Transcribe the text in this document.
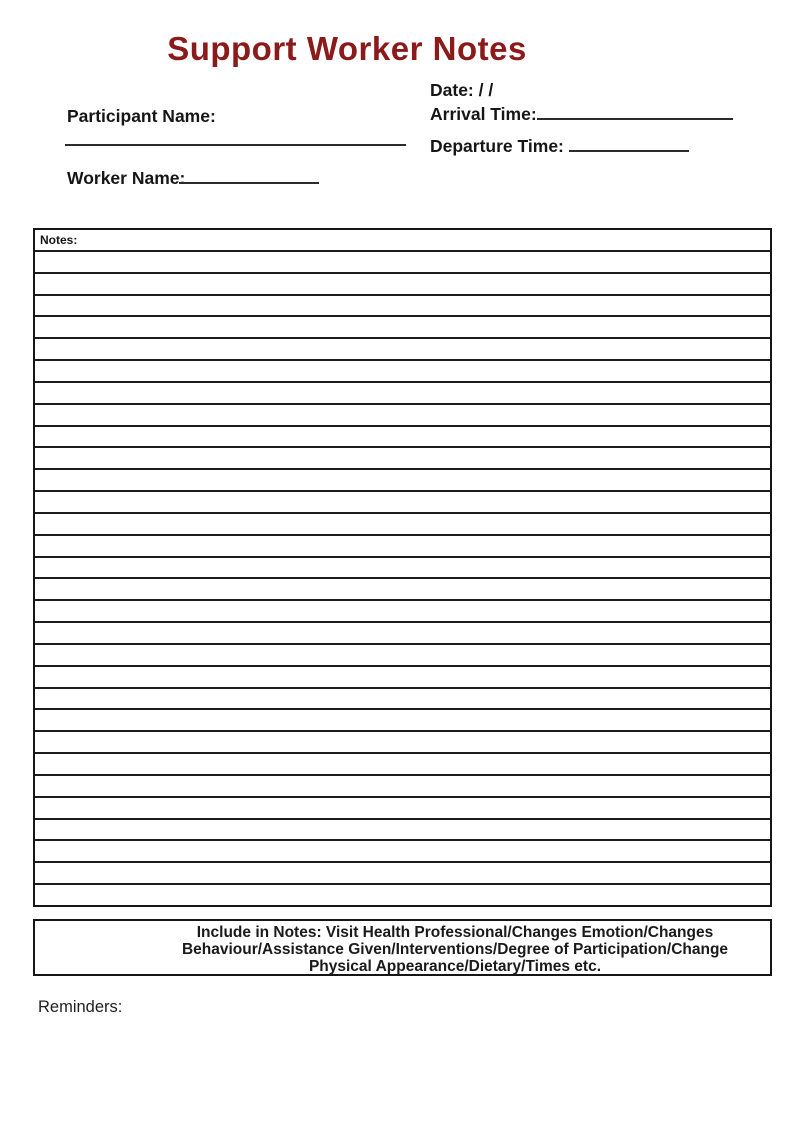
Support Worker Notes
Date: / /
Arrival Time:
Departure Time:
Participant Name:
Worker Name:
Notes:
Include in Notes: Visit Health Professional/Changes Emotion/Changes
Behaviour/Assistance Given/Interventions/Degree of Participation/Change
Physical Appearance/Dietary/Times etc.
Reminders:
